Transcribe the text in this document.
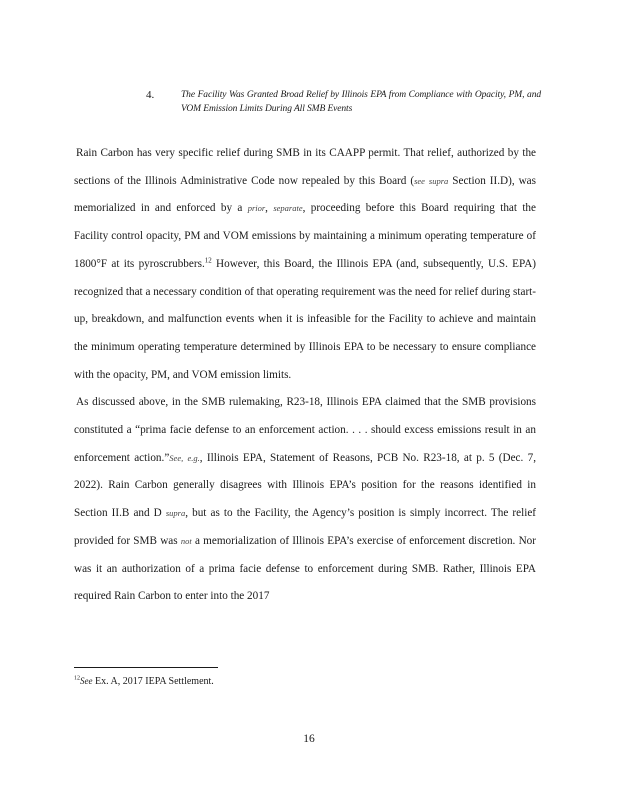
4.	The Facility Was Granted Broad Relief by Illinois EPA from Compliance with Opacity, PM, and VOM Emission Limits During All SMB Events

Rain Carbon has very specific relief during SMB in its CAAPP permit. That relief, authorized by the sections of the Illinois Administrative Code now repealed by this Board (see supra Section II.D), was memorialized in and enforced by a prior, separate, proceeding before this Board requiring that the Facility control opacity, PM and VOM emissions by maintaining a minimum operating temperature of 1800°F at its pyroscrubbers.$^{12}$ However, this Board, the Illinois EPA (and, subsequently, U.S. EPA) recognized that a necessary condition of that operating requirement was the need for relief during start-up, breakdown, and malfunction events when it is infeasible for the Facility to achieve and maintain the minimum operating temperature determined by Illinois EPA to be necessary to ensure compliance with the opacity, PM, and VOM emission limits.

As discussed above, in the SMB rulemaking, R23-18, Illinois EPA claimed that the SMB provisions constituted a “prima facie defense to an enforcement action. . . . should excess emissions result in an enforcement action.”See, e.g., Illinois EPA, Statement of Reasons, PCB No. R23-18, at p. 5 (Dec. 7, 2022). Rain Carbon generally disagrees with Illinois EPA’s position for the reasons identified in Section II.B and D supra, but as to the Facility, the Agency’s position is simply incorrect. The relief provided for SMB was not a memorialization of Illinois EPA’s exercise of enforcement discretion. Nor was it an authorization of a prima facie defense to enforcement during SMB. Rather, Illinois EPA required Rain Carbon to enter into the 2017

$^{12}$See Ex. A, 2017 IEPA Settlement.
16
